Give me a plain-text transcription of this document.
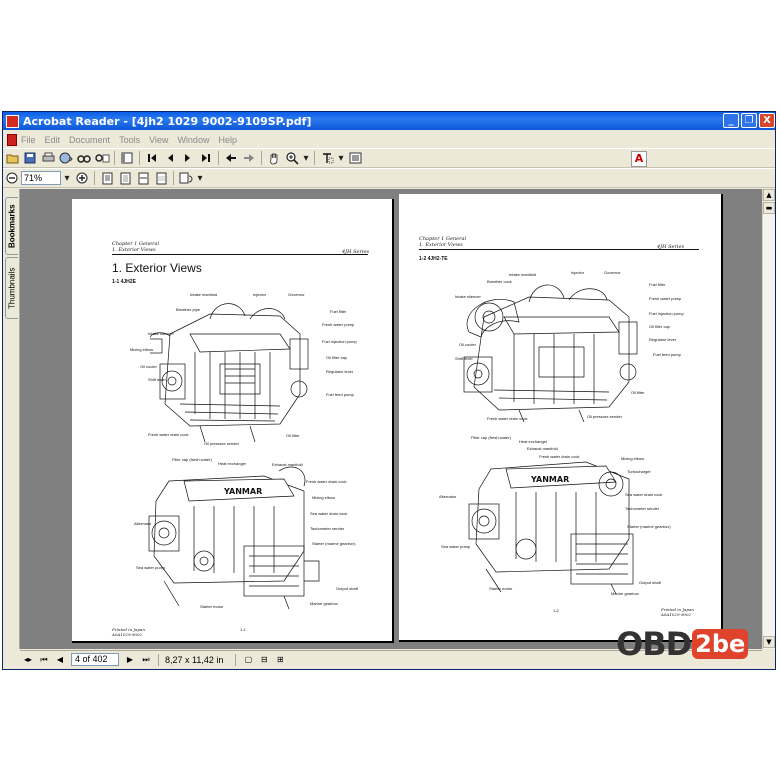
Acrobat Reader - [4jh2 1029 9002-9109SP.pdf]	_	❐ X
File Edit Document Tools View Window Help
▾	▾	A
71%	▾	▾
Bookmarks
Thumbnails
Chapter 1 General
1. Exterior Views	4JH Series
1. Exterior Views
1-1 4JH2E
Intake manifold	Injector	Governor
Breather pipe	Fuel filter
Intake silencer
Fresh water pump
Mixing elbow
Fuel injection pump
Oil cooler
Oil filler cap
Shift lever
Regulator lever
Fuel feed pump
Fresh water drain cock	Oil filter
Oil pressure sender
YANMAR
Filler cap (fresh water)
Heat exchanger	Exhaust manifold
Fresh water drain cock
Mixing elbow
Alternator
Sea water drain cock
Tachometer sender
Starter (marine gearbox)
Sea water pump
Output shaft
Starter motor
Marine gearbox
Printed in Japan
A0A1029-9002
1-1
Chapter 1 General
1. Exterior Views	4JH Series
1-2 4JH2-TE
Intake manifold	Injector	Governor
Breather cock
Fuel filter
Intake silencer	Fresh water pump
Fuel injection pump
Oil filler cap
Oil cooler
Regulator lever
Shift lever
Fuel feed pump
Oil filter
Fresh water drain cock	Oil pressure sender
YANMAR
Filler cap (fresh water)
Heat exchanger
Exhaust manifold
Fresh water drain cock	Mixing elbow
Turbocharger
Alternator	Sea water drain cock
Tachometer sender
Starter (marine gearbox)
Sea water pump
Output shaft
Starter motor
Marine gearbox
Printed in Japan
A0A1029-9002
1-2
▲
▬
▼
◂▸ ⏮	◀	4 of 402	▶	⏭ 8,27 x 11,42 in	▢	⊟	⊞	OBD 2be
